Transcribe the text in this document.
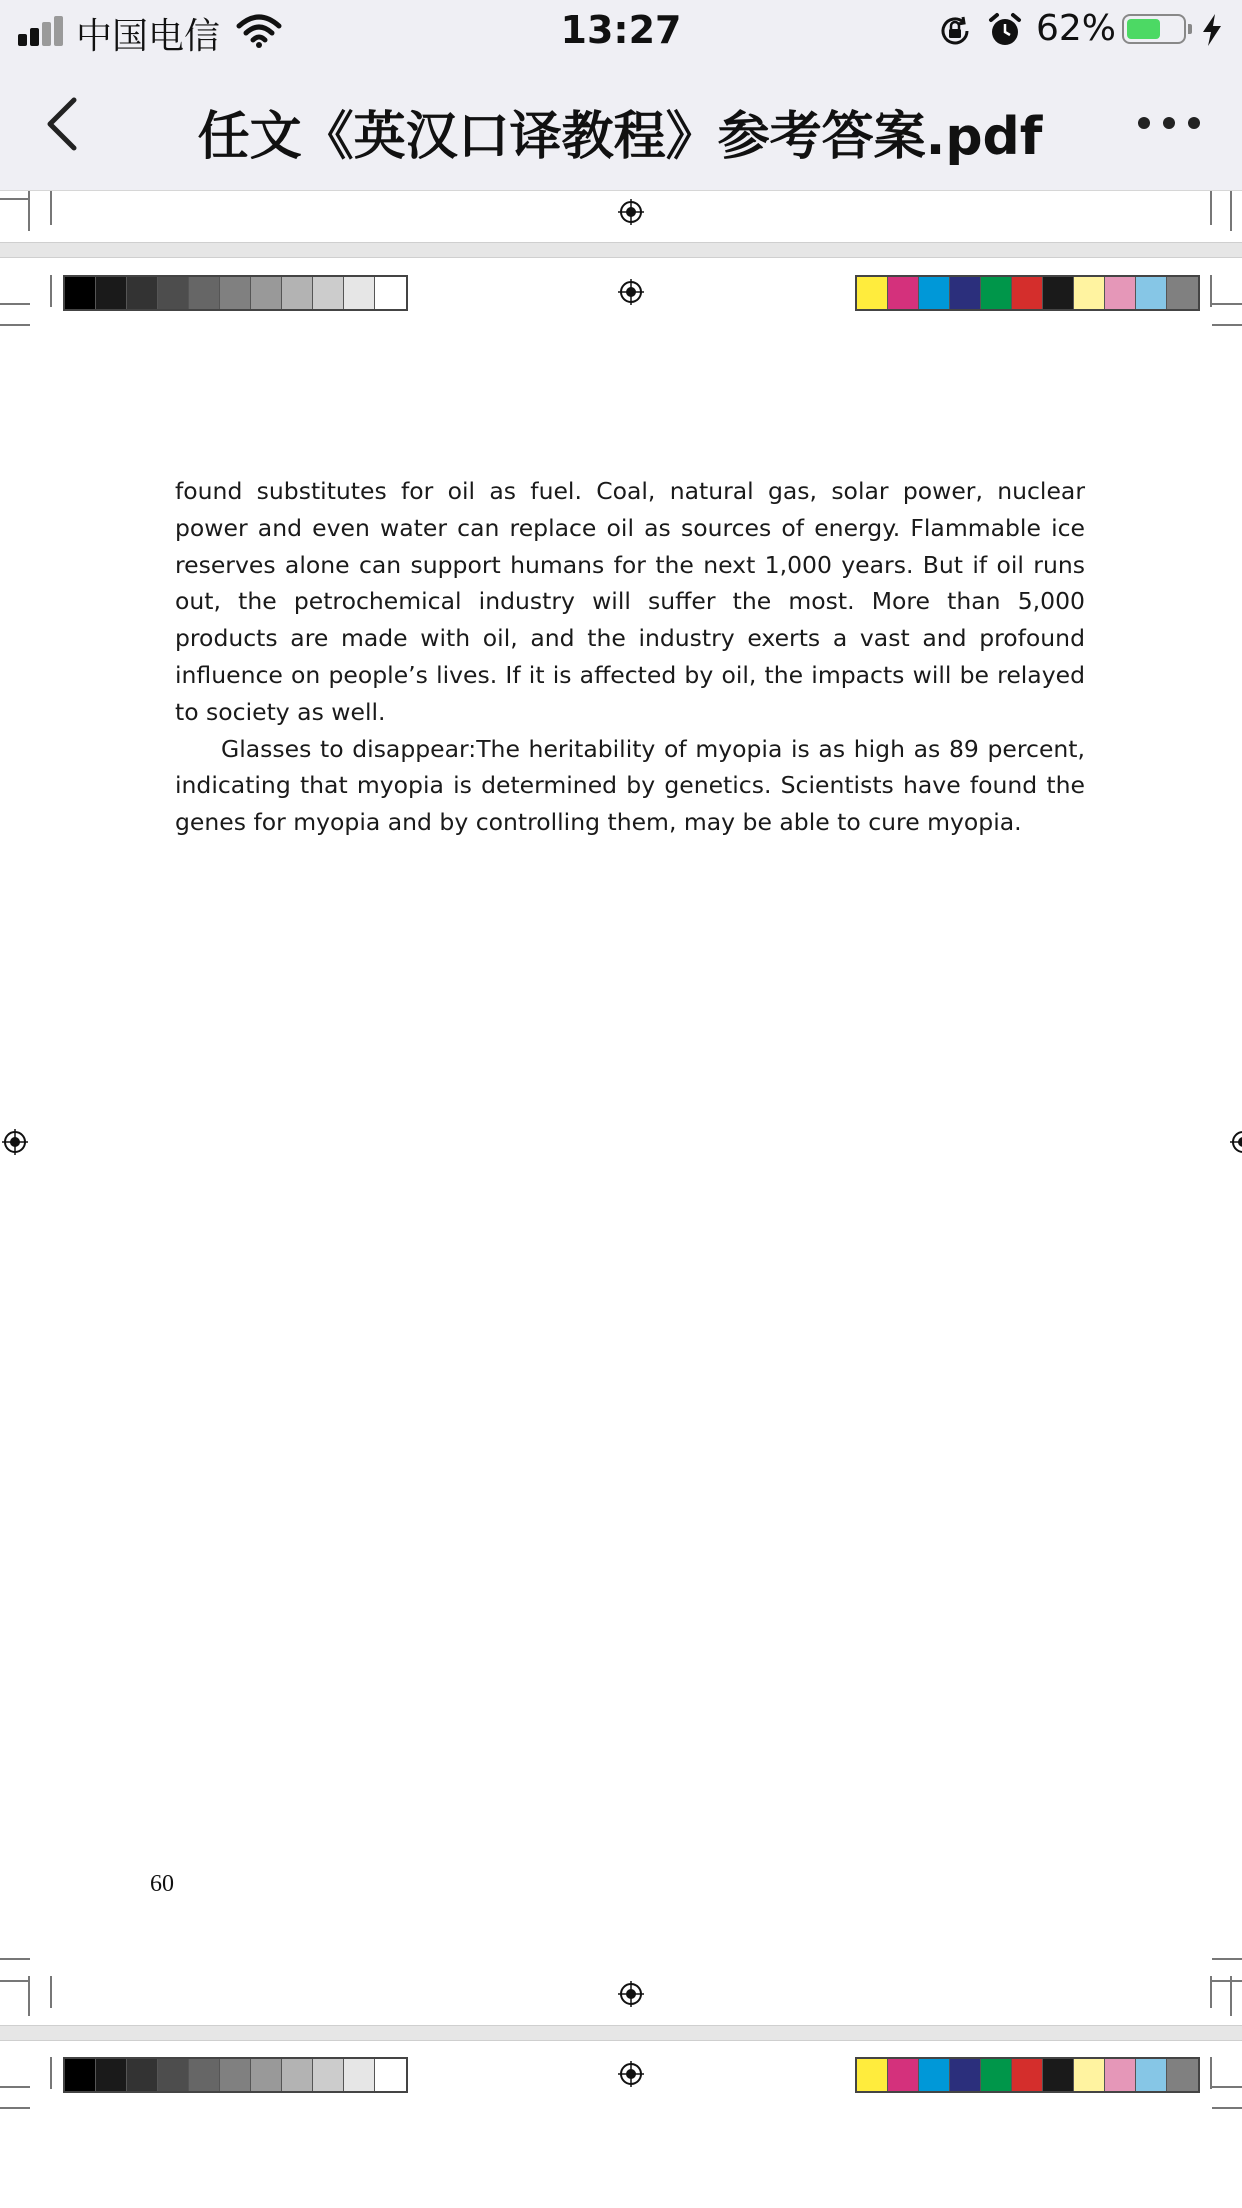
中国电信	13:27	62%
任文《英汉口译教程》参考答案.pdf

found substitutes for oil as fuel. Coal, natural gas, solar power, nuclear power and even water can replace oil as sources of energy. Flammable ice reserves alone can support humans for the next 1,000 years. But if oil runs out, the petrochemical industry will suffer the most. More than 5,000 products are made with oil, and the industry exerts a vast and profound influence on people’s lives. If it is affected by oil, the impacts will be relayed to society as well.

Glasses to disappear:The heritability of myopia is as high as 89 percent, indicating that myopia is determined by genetics. Scientists have found the genes for myopia and by controlling them, may be able to cure myopia.

60
